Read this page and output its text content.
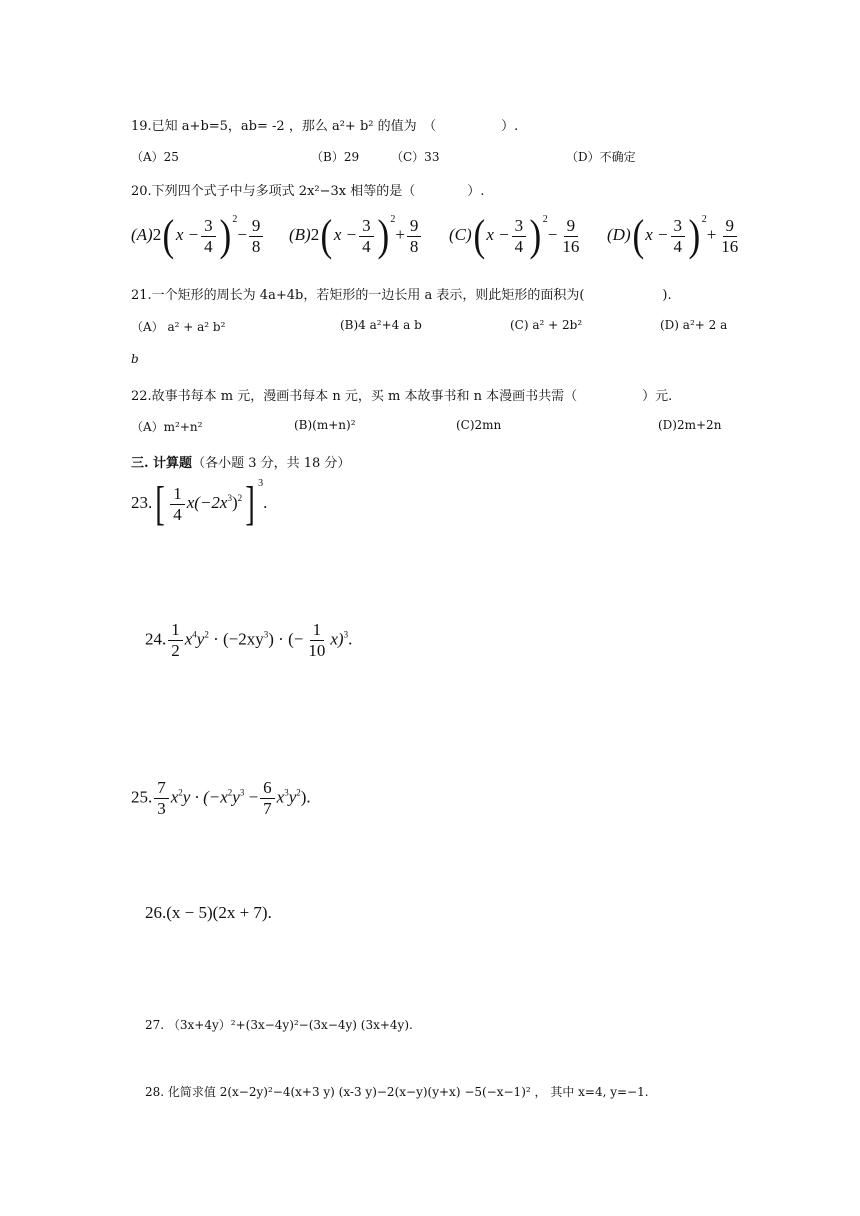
19.已知 a+b=5，ab= -2 ，那么 a²+ b² 的值为　（　　　　　）.
（A）25	（B）29	（C）33	（D）不确定
20.下列四个式子中与多项式 2x²−3x 相等的是（　　　　）.
$(A)2(x - \frac{3}{4} )^2- \frac{9}{8} (B)2(x - \frac{3}{4} )^2+ \frac{9}{8} (C)(x - \frac{3}{4} )^2- \frac{9}{16} (D)(x - \frac{3}{4} )^2+ \frac{9}{16}$
21.一个矩形的周长为 4a+4b，若矩形的一边长用 a 表示，则此矩形的面积为(　　　　　　).
（A） a² + a² b²	(B)4 a²+4 a b	(C) a² + 2b²	(D) a²+ 2 a
b
22.故事书每本 m 元，漫画书每本 n 元，买 m 本故事书和 n 本漫画书共需（　　　　　）元.
（A）m²+n²	(B)(m+n)²	(C)2mn	(D)2m+2n
三. 计算题（各小题 3 分，共 18 分）
$23.[ \frac{1}{4} x(-2x^3)^2]$ $^3$.
24. $\frac{1}{2} x^4y^2 \cdot (-2xy^3)$ · (− $\frac{1}{10} x)^3$.
25. $\frac{7}{3} x^2y \cdot (-x^2y^3 - \frac{6}{7} x^3y^2)$.
26.(x − 5)(2x + 7).
27. （3x+4y）²+(3x−4y)²−(3x−4y) (3x+4y).
28. 化简求值 2(x−2y)²−4(x+3 y) (x-3 y)−2(x−y)(y+x) −5(−x−1)² ， 其中 x=4, y=−1.
